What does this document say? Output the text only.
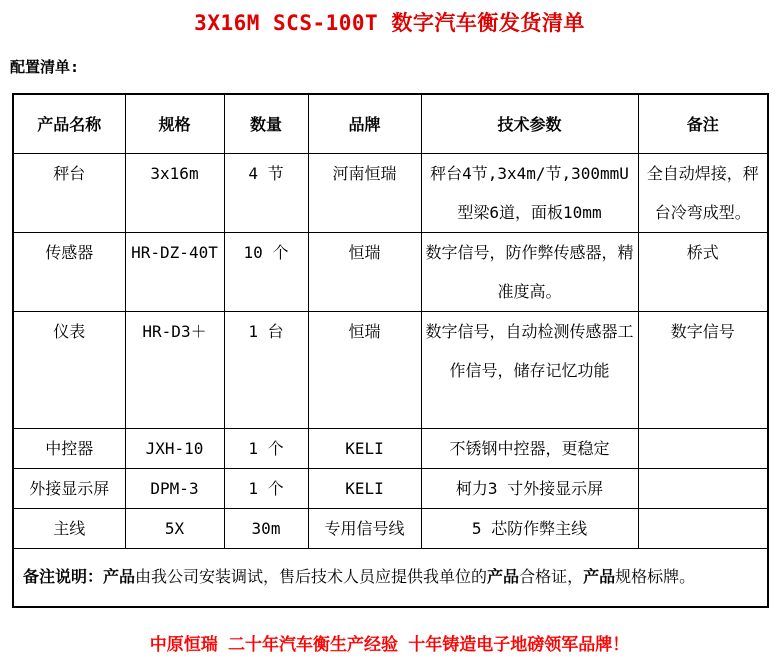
3X16M SCS-100T 数字汽车衡发货清单
配置清单:
产品名称	规格	数量	品牌	技术参数	备注
秤台	3x16m	4 节	河南恒瑞	秤台4节,3x4m/节,300mmU型梁6道，面板10mm	全自动焊接，秤台冷弯成型。
传感器	HR-DZ-40T	10 个	恒瑞	数字信号，防作弊传感器，精准度高。	桥式
仪表	HR-D3＋	1 台	恒瑞	数字信号，自动检测传感器工作信号，储存记忆功能	数字信号
中控器	JXH-10	1 个	KELI	不锈钢中控器，更稳定	
外接显示屏	DPM-3	1 个	KELI	柯力3 寸外接显示屏	
主线	5X	30m	专用信号线	5 芯防作弊主线	
备注说明：产品由我公司安装调试，售后技术人员应提供我单位的产品合格证，产品规格标牌。					
中原恒瑞 二十年汽车衡生产经验 十年铸造电子地磅领军品牌！
